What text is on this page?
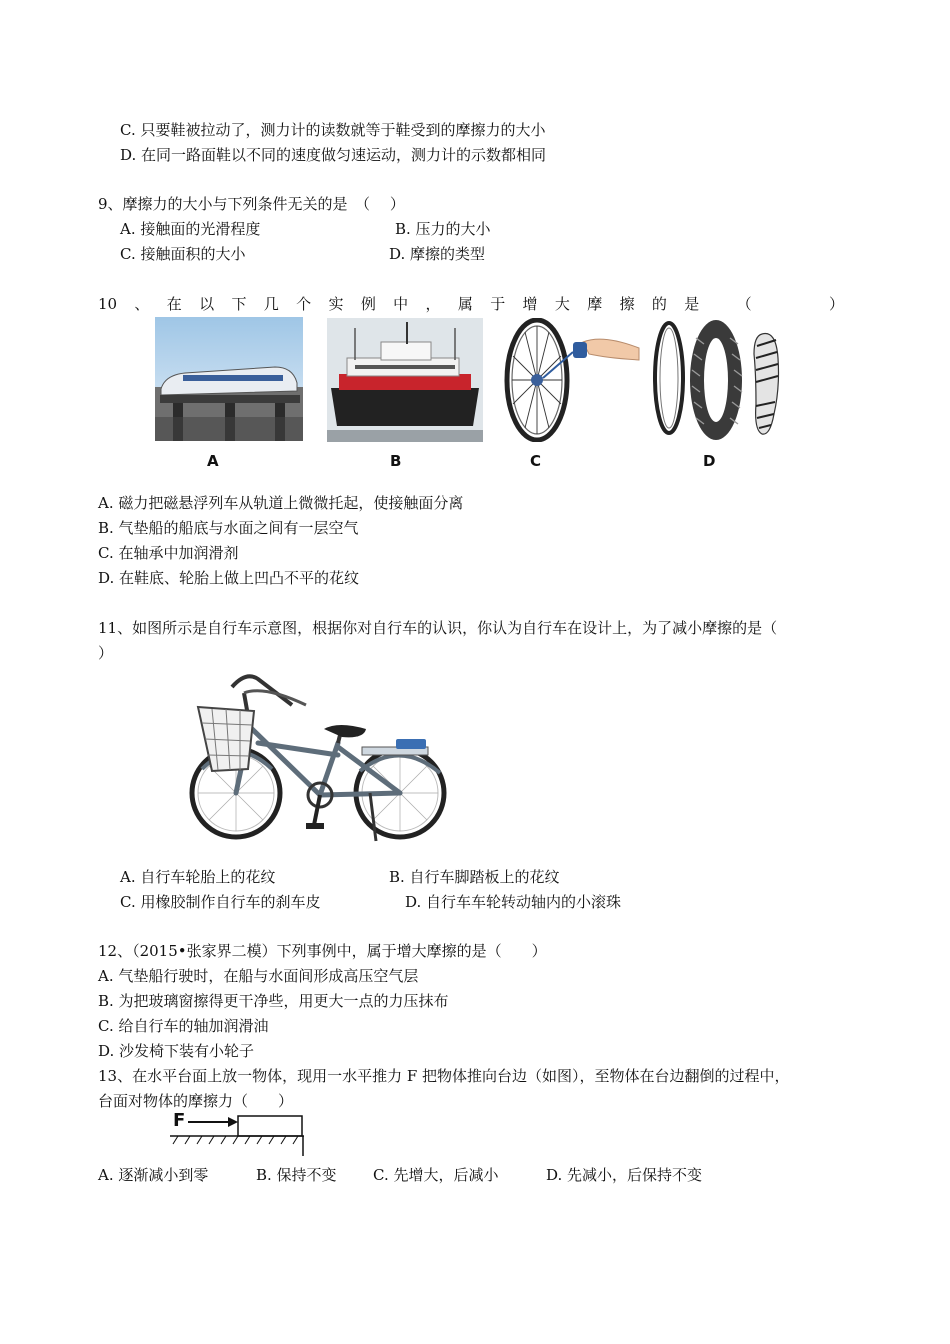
C. 只要鞋被拉动了，测力计的读数就等于鞋受到的摩擦力的大小
D. 在同一路面鞋以不同的速度做匀速运动，测力计的示数都相同
9、摩擦力的大小与下列条件无关的是　（　 ）
A. 接触面的光滑程度	B. 压力的大小
C. 接触面积的大小	D. 摩擦的类型
10 、 在 以 下 几 个 实 例 中 ， 属 于 增 大 摩 擦 的 是 （	）
A	B	C	D
A. 磁力把磁悬浮列车从轨道上微微托起，使接触面分离
B. 气垫船的船底与水面之间有一层空气
C. 在轴承中加润滑剂
D. 在鞋底、轮胎上做上凹凸不平的花纹
11、如图所示是自行车示意图，根据你对自行车的认识，你认为自行车在设计上，为了减小摩擦的是（
）
A. 自行车轮胎上的花纹	B. 自行车脚踏板上的花纹
C. 用橡胶制作自行车的刹车皮	D. 自行车车轮转动轴内的小滚珠
12、（2015•张家界二模）下列事例中，属于增大摩擦的是（　　）
A. 气垫船行驶时，在船与水面间形成高压空气层
B. 为把玻璃窗擦得更干净些，用更大一点的力压抹布
C. 给自行车的轴加润滑油
D. 沙发椅下装有小轮子
13、在水平台面上放一物体，现用一水平推力 F 把物体推向台边（如图），至物体在台边翻倒的过程中，
台面对物体的摩擦力（　　）
F
A. 逐渐减小到零	B. 保持不变 C. 先增大，后减小	D. 先减小，后保持不变
